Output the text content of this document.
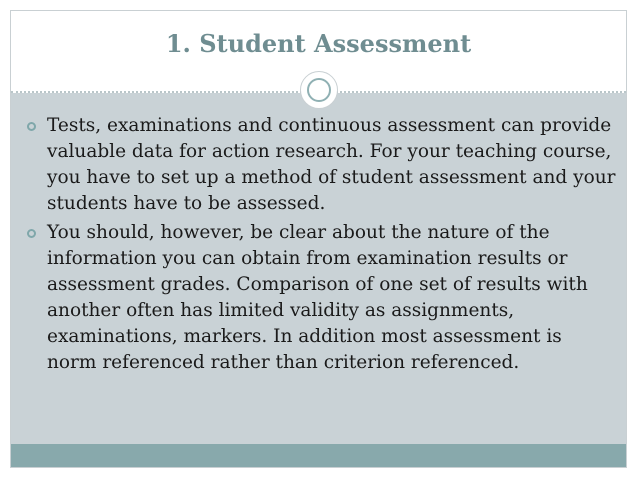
1. Student Assessment
Tests, examinations and continuous assessment can provide valuable data for action research. For your teaching course, you have to set up a method of student assessment and your students have to be assessed.
You should, however, be clear about the nature of the information you can obtain from examination results or assessment grades. Comparison of one set of results with another often has limited validity as assignments, examinations, markers. In addition most assessment is norm referenced rather than criterion referenced.
